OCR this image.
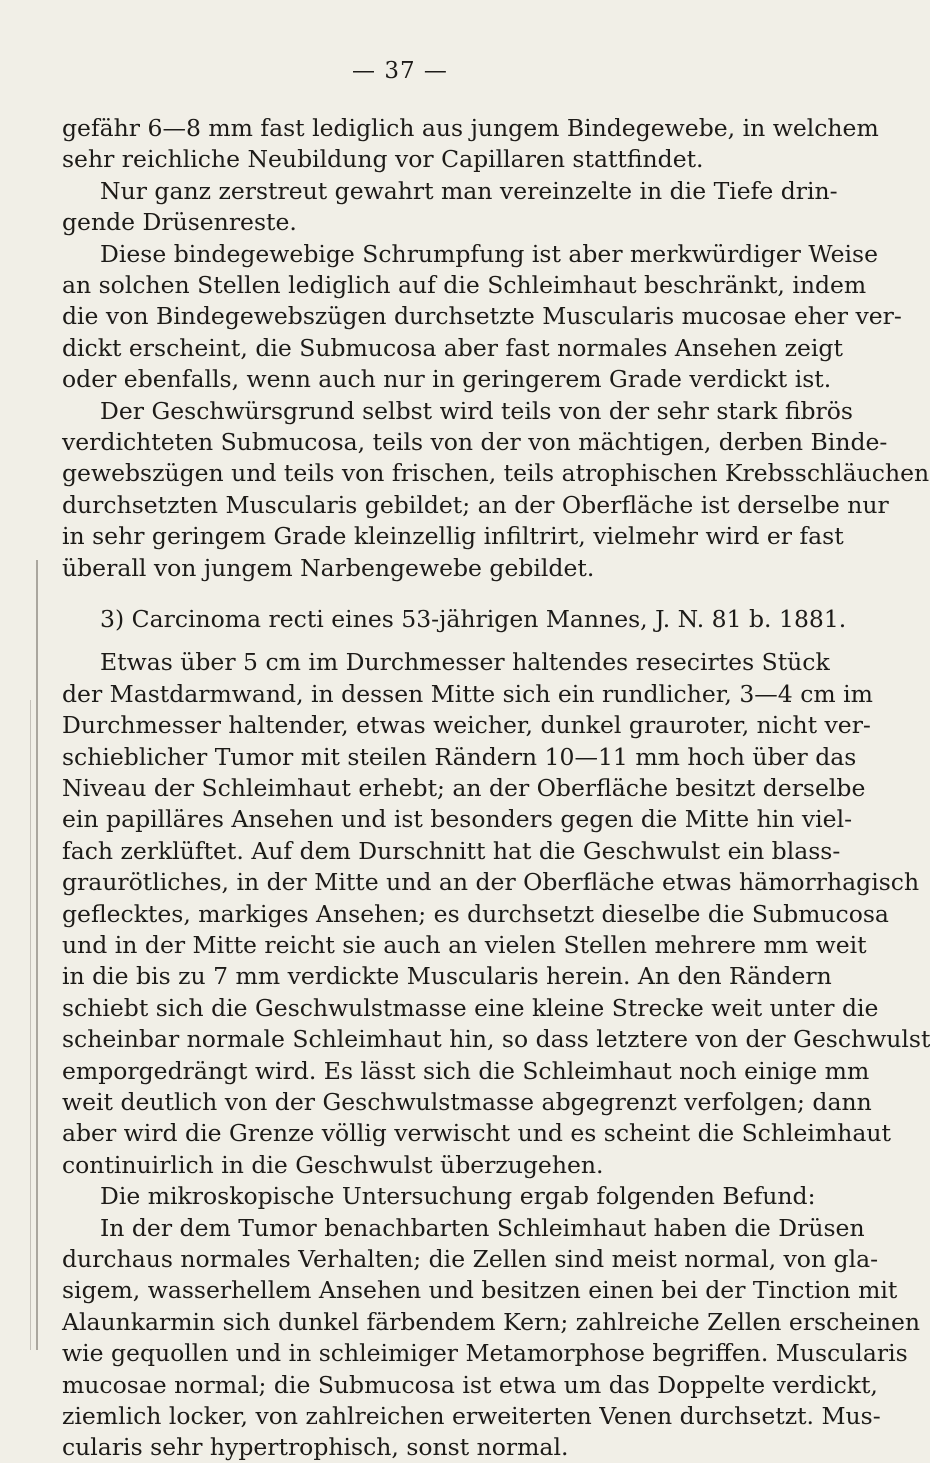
— 37 —
gefähr 6—8 mm fast lediglich aus jungem Bindegewebe, in welchem
sehr reichliche Neubildung vor Capillaren stattfindet.
Nur ganz zerstreut gewahrt man vereinzelte in die Tiefe drin-
gende Drüsenreste.
Diese bindegewebige Schrumpfung ist aber merkwürdiger Weise
an solchen Stellen lediglich auf die Schleimhaut beschränkt, indem
die von Bindegewebszügen durchsetzte Muscularis mucosae eher ver-
dickt erscheint, die Submucosa aber fast normales Ansehen zeigt
oder ebenfalls, wenn auch nur in geringerem Grade verdickt ist.
Der Geschwürsgrund selbst wird teils von der sehr stark fibrös
verdichteten Submucosa, teils von der von mächtigen, derben Binde-
gewebszügen und teils von frischen, teils atrophischen Krebsschläuchen
durchsetzten Muscularis gebildet; an der Oberfläche ist derselbe nur
in sehr geringem Grade kleinzellig infiltrirt, vielmehr wird er fast
überall von jungem Narbengewebe gebildet.
3) Carcinoma recti eines 53-jährigen Mannes, J. N. 81 b. 1881.
Etwas über 5 cm im Durchmesser haltendes resecirtes Stück
der Mastdarmwand, in dessen Mitte sich ein rundlicher, 3—4 cm im
Durchmesser haltender, etwas weicher, dunkel grauroter, nicht ver-
schieblicher Tumor mit steilen Rändern 10—11 mm hoch über das
Niveau der Schleimhaut erhebt; an der Oberfläche besitzt derselbe
ein papilläres Ansehen und ist besonders gegen die Mitte hin viel-
fach zerklüftet. Auf dem Durschnitt hat die Geschwulst ein blass-
graurötliches, in der Mitte und an der Oberfläche etwas hämorrhagisch
geflecktes, markiges Ansehen; es durchsetzt dieselbe die Submucosa
und in der Mitte reicht sie auch an vielen Stellen mehrere mm weit
in die bis zu 7 mm verdickte Muscularis herein. An den Rändern
schiebt sich die Geschwulstmasse eine kleine Strecke weit unter die
scheinbar normale Schleimhaut hin, so dass letztere von der Geschwulst
emporgedrängt wird. Es lässt sich die Schleimhaut noch einige mm
weit deutlich von der Geschwulstmasse abgegrenzt verfolgen; dann
aber wird die Grenze völlig verwischt und es scheint die Schleimhaut
continuirlich in die Geschwulst überzugehen.
Die mikroskopische Untersuchung ergab folgenden Befund:
In der dem Tumor benachbarten Schleimhaut haben die Drüsen
durchaus normales Verhalten; die Zellen sind meist normal, von gla-
sigem, wasserhellem Ansehen und besitzen einen bei der Tinction mit
Alaunkarmin sich dunkel färbendem Kern; zahlreiche Zellen erscheinen
wie gequollen und in schleimiger Metamorphose begriffen. Muscularis
mucosae normal; die Submucosa ist etwa um das Doppelte verdickt,
ziemlich locker, von zahlreichen erweiterten Venen durchsetzt. Mus-
cularis sehr hypertrophisch, sonst normal.
